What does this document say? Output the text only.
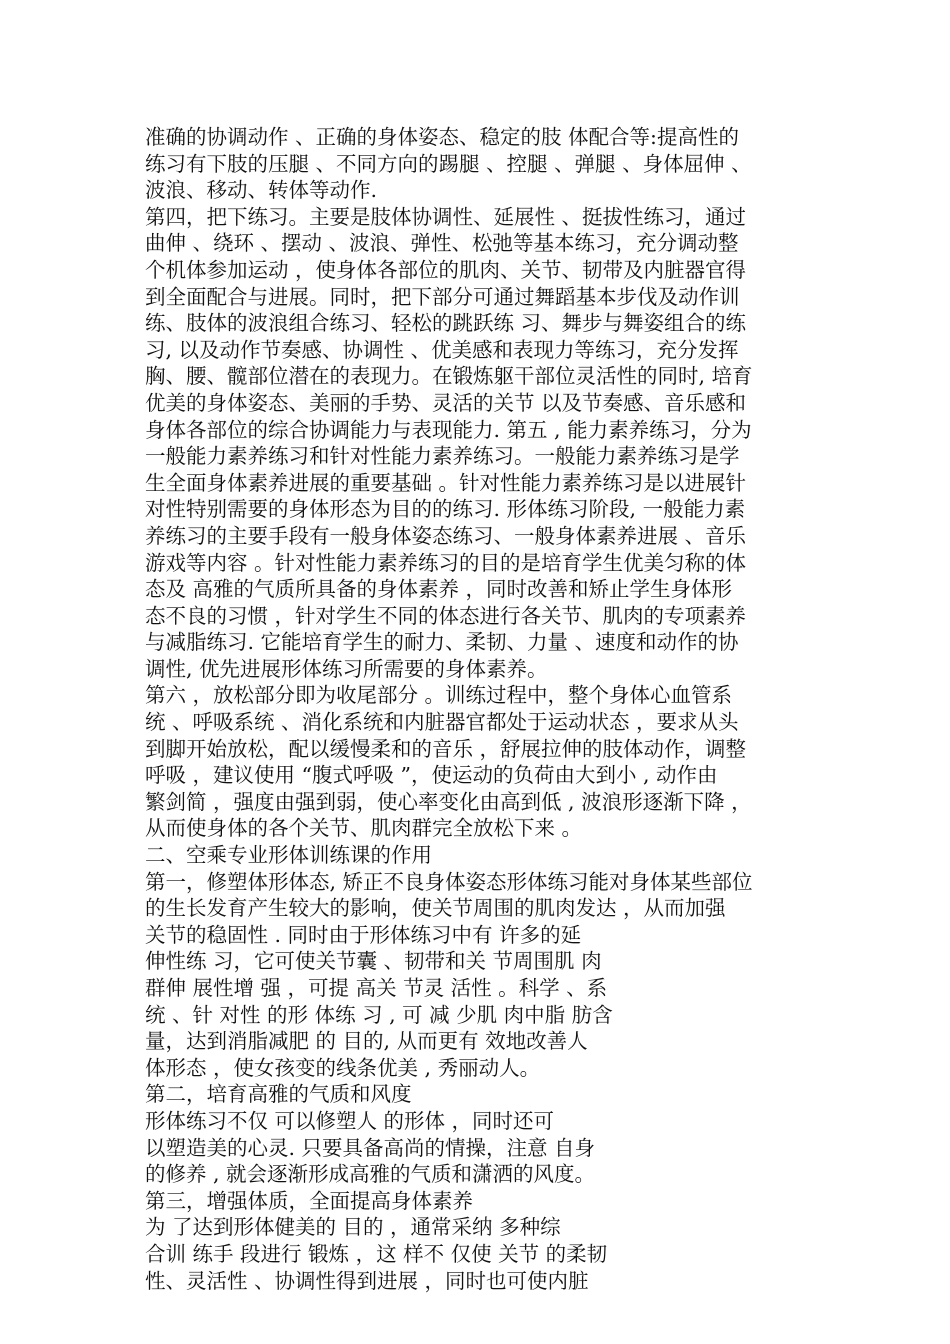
准确的协调动作 、正确的身体姿态、稳定的肢 体配合等:提高性的
练习有下肢的压腿 、不同方向的踢腿 、控腿 、弹腿 、身体屈伸 、
波浪、移动、转体等动作.
第四，把下练习。主要是肢体协调性、延展性 、挺拔性练习，通过
曲伸 、绕环 、摆动 、波浪、弹性、松弛等基本练习，充分调动整
个机体参加运动 ，使身体各部位的肌肉、关节、韧带及内脏器官得
到全面配合与进展。同时，把下部分可通过舞蹈基本步伐及动作训
练、肢体的波浪组合练习、轻松的跳跃练 习、舞步与舞姿组合的练
习, 以及动作节奏感、协调性 、优美感和表现力等练习，充分发挥
胸、腰、髋部位潜在的表现力。在锻炼躯干部位灵活性的同时, 培育
优美的身体姿态、美丽的手势、灵活的关节 以及节奏感、音乐感和
身体各部位的综合协调能力与表现能力. 第五 , 能力素养练习，分为
一般能力素养练习和针对性能力素养练习。一般能力素养练习是学
生全面身体素养进展的重要基础 。针对性能力素养练习是以进展针
对性特别需要的身体形态为目的的练习. 形体练习阶段, 一般能力素
养练习的主要手段有一般身体姿态练习、一般身体素养进展 、音乐
游戏等内容 。针对性能力素养练习的目的是培育学生优美匀称的体
态及 高雅的气质所具备的身体素养 ，同时改善和矫止学生身体形
态不良的习惯 ，针对学生不同的体态进行各关节、肌肉的专项素养
与减脂练习. 它能培育学生的耐力、柔韧、力量 、速度和动作的协
调性, 优先进展形体练习所需要的身体素养。
第六 ，放松部分即为收尾部分 。训练过程中，整个身体心血管系
统 、呼吸系统 、消化系统和内脏器官都处于运动状态 ，要求从头
到脚开始放松，配以缓慢柔和的音乐 ，舒展拉伸的肢体动作，调整
呼吸 ，建议使用 “腹式呼吸 ”，使运动的负荷由大到小 , 动作由
繁剑简 ，强度由强到弱，使心率变化由高到低 , 波浪形逐渐下降 ，
从而使身体的各个关节、肌肉群完全放松下来 。
二、空乘专业形体训练课的作用
第一，修塑体形体态, 矫正不良身体姿态形体练习能对身体某些部位
的生长发育产生较大的影响，使关节周围的肌肉发达 ，从而加强
关节的稳固性 . 同时由于形体练习中有 许多的延
伸性练 习，它可使关节囊 、韧带和关 节周围肌 肉
群伸 展性增 强 ，可提 高关 节灵 活性 。科学 、系
统 、针 对性 的形 体练 习 , 可 减 少肌 肉中脂 肪含
量，达到消脂减肥 的 目的, 从而更有 效地改善人
体形态 ，使女孩变的线条优美 , 秀丽动人。
第二，培育高雅的气质和风度
形体练习不仅 可以修塑人 的形体 ，同时还可
以塑造美的心灵. 只要具备高尚的情操，注意 自身
的修养 , 就会逐渐形成高雅的气质和潇洒的风度。
第三，增强体质，全面提高身体素养
为 了达到形体健美的 目的 ，通常采纳 多种综
合训 练手 段进行 锻炼 ，这 样不 仅使 关节 的柔韧
性、灵活性 、协调性得到进展 ，同时也可使内脏
